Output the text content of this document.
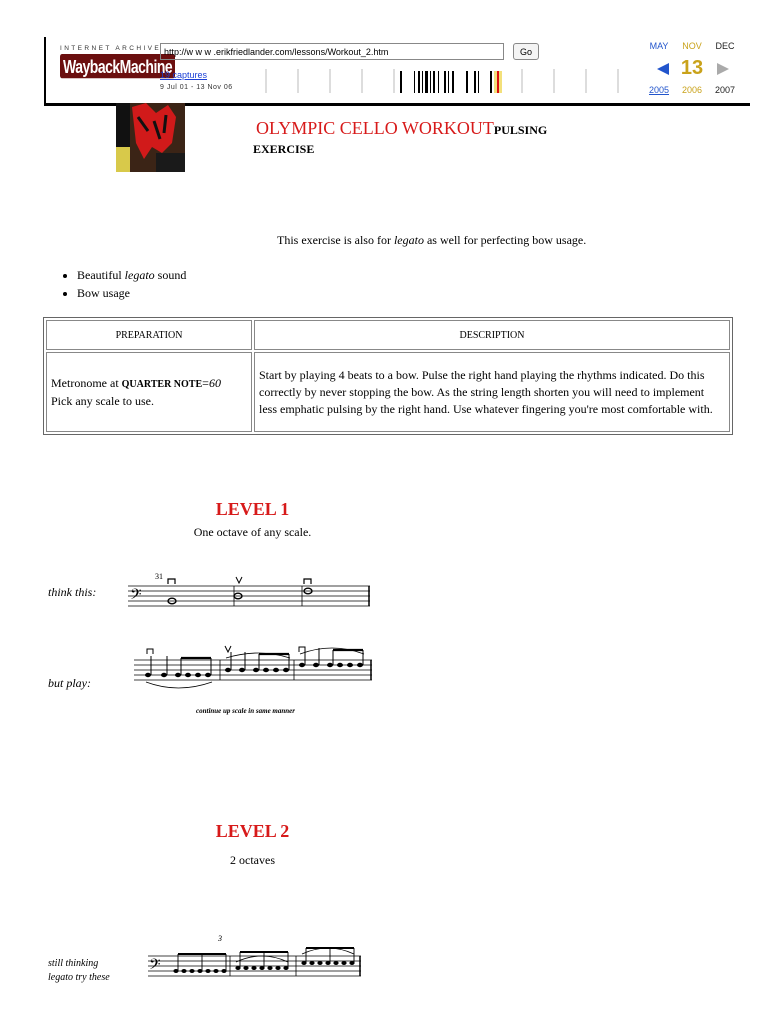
INTERNET ARCHIVE
WaybackMachine
http://w w w .erikfriedlander.com/lessons/Workout_2.htm	Go
19 captures
9 Jul 01 - 13 Nov 06
MAY	NOV	DEC
13
2005	2006	2007
OLYMPIC CELLO WORKOUTPULSING
EXERCISE
This exercise is also for legato as well for perfecting bow usage.
• Beautiful legato sound
• Bow usage
PREPARATION	DESCRIPTION
Metronome at QUARTER NOTE=60
Pick any scale to use.	Start by playing 4 beats to a bow. Pulse the right hand playing the rhythms indicated. Do this correctly by never stopping the bow. As the string length shorten you will need to implement less emphatic pulsing by the right hand. Use whatever fingering you're most comfortable with.
LEVEL 1
One octave of any scale.
think this:
31
𝄢
but play:
continue up scale in same manner
LEVEL 2
2 octaves
still thinking
legato try these
3
𝄢
